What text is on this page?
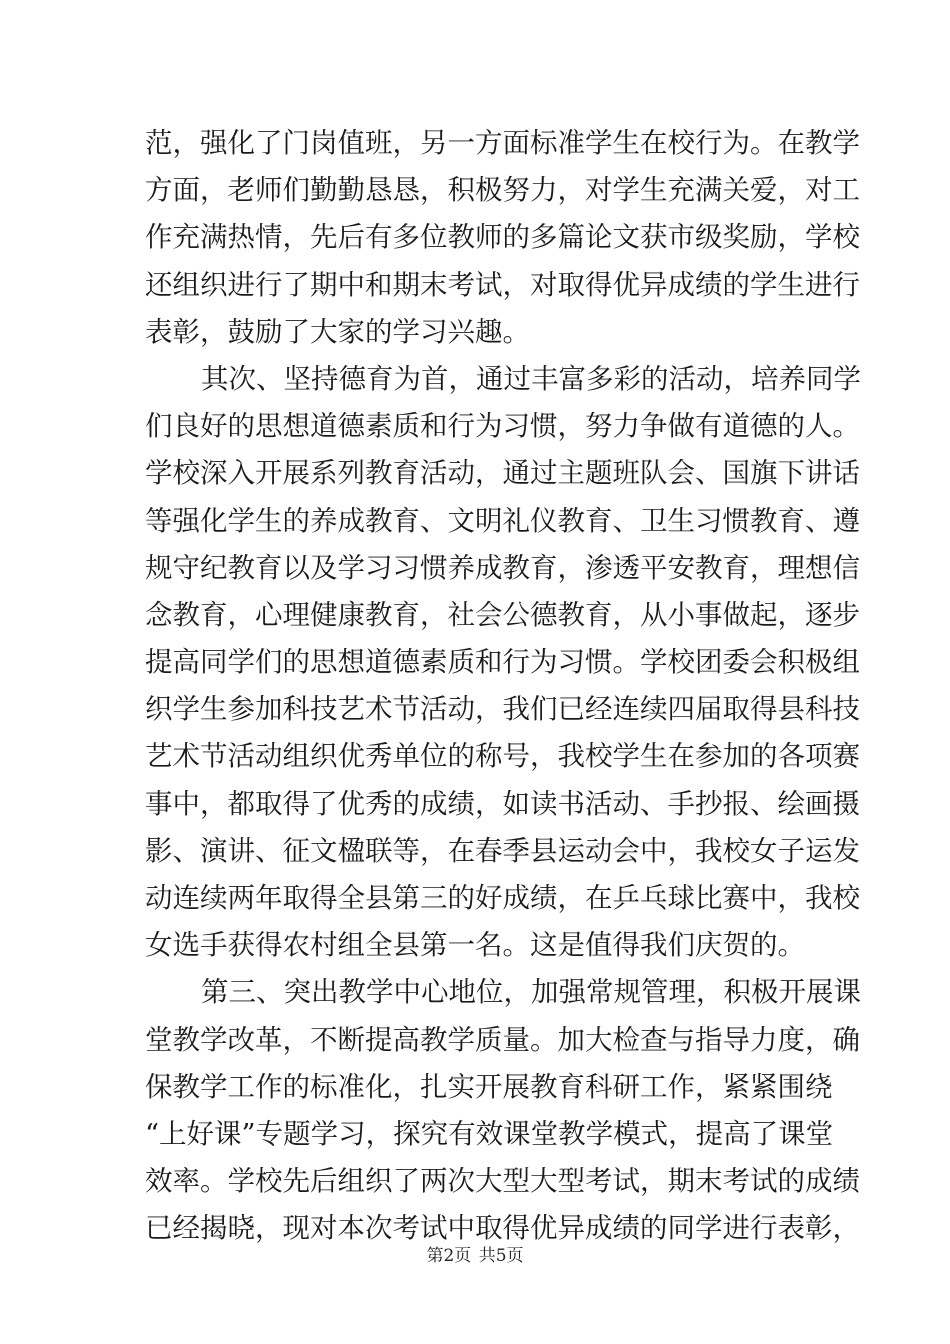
范，强化了门岗值班，另一方面标准学生在校行为。在教学
方面，老师们勤勤恳恳，积极努力，对学生充满关爱，对工
作充满热情，先后有多位教师的多篇论文获市级奖励，学校
还组织进行了期中和期末考试，对取得优异成绩的学生进行
表彰，鼓励了大家的学习兴趣。
其次、坚持德育为首，通过丰富多彩的活动，培养同学
们良好的思想道德素质和行为习惯，努力争做有道德的人。
学校深入开展系列教育活动，通过主题班队会、国旗下讲话
等强化学生的养成教育、文明礼仪教育、卫生习惯教育、遵
规守纪教育以及学习习惯养成教育，渗透平安教育，理想信
念教育，心理健康教育，社会公德教育，从小事做起，逐步
提高同学们的思想道德素质和行为习惯。学校团委会积极组
织学生参加科技艺术节活动，我们已经连续四届取得县科技
艺术节活动组织优秀单位的称号，我校学生在参加的各项赛
事中，都取得了优秀的成绩，如读书活动、手抄报、绘画摄
影、演讲、征文楹联等，在春季县运动会中，我校女子运发
动连续两年取得全县第三的好成绩，在乒乓球比赛中，我校
女选手获得农村组全县第一名。这是值得我们庆贺的。
第三、突出教学中心地位，加强常规管理，积极开展课
堂教学改革，不断提高教学质量。加大检查与指导力度，确
保教学工作的标准化，扎实开展教育科研工作，紧紧围绕
“上好课”专题学习，探究有效课堂教学模式，提高了课堂
效率。学校先后组织了两次大型大型考试，期末考试的成绩
已经揭晓，现对本次考试中取得优异成绩的同学进行表彰，
第2页 共5页
